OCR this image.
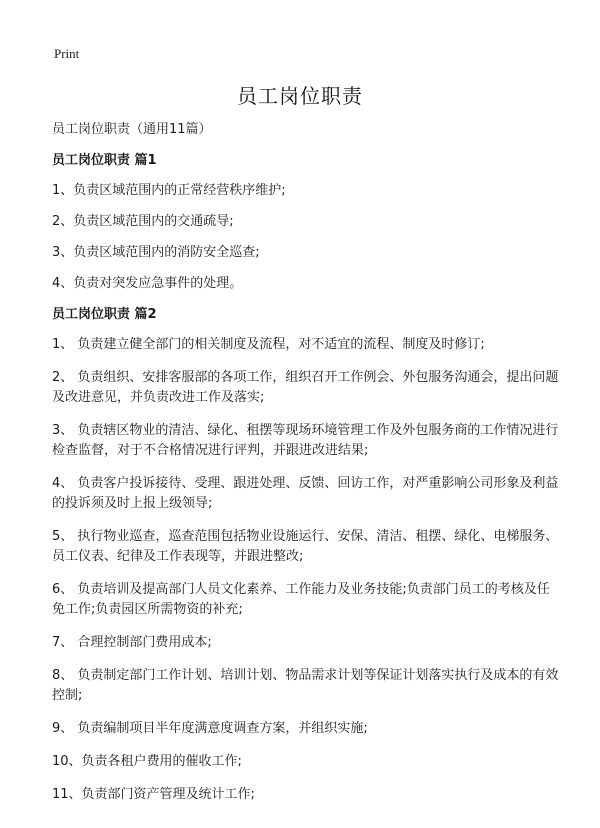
Print
员工岗位职责
员工岗位职责（通用11篇）
员工岗位职责 篇1
1、负责区域范围内的正常经营秩序维护;
2、负责区域范围内的交通疏导;
3、负责区域范围内的消防安全巡查;
4、负责对突发应急事件的处理。
员工岗位职责 篇2
1、 负责建立健全部门的相关制度及流程，对不适宜的流程、制度及时修订;
2、 负责组织、安排客服部的各项工作，组织召开工作例会、外包服务沟通会，提出问题及改进意见，并负责改进工作及落实;
3、 负责辖区物业的清洁、绿化、租摆等现场环境管理工作及外包服务商的工作情况进行检查监督，对于不合格情况进行评判，并跟进改进结果;
4、 负责客户投诉接待、受理、跟进处理、反馈、回访工作，对严重影响公司形象及利益的投诉须及时上报上级领导;
5、 执行物业巡查，巡查范围包括物业设施运行、安保、清洁、租摆、绿化、电梯服务、员工仪表、纪律及工作表现等，并跟进整改;
6、 负责培训及提高部门人员文化素养、工作能力及业务技能;负责部门员工的考核及任免工作;负责园区所需物资的补充;
7、 合理控制部门费用成本;
8、 负责制定部门工作计划、培训计划、物品需求计划等保证计划落实执行及成本的有效控制;
9、 负责编制项目半年度满意度调查方案，并组织实施;
10、负责各租户费用的催收工作;
11、负责部门资产管理及统计工作;
